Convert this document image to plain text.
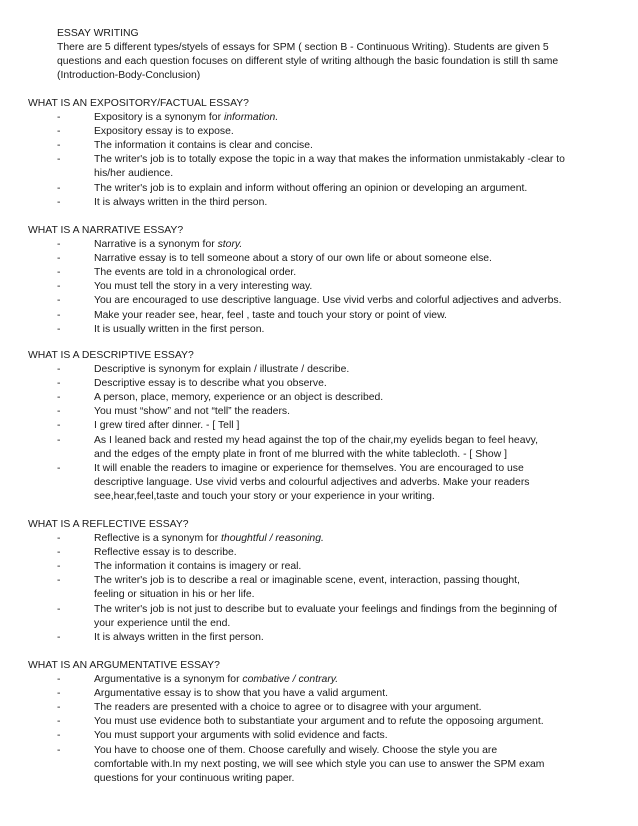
ESSAY WRITING

There are 5 different types/styels of essays for SPM ( section B - Continuous Writing). Students are given 5

questions and each question focuses on different style of writing although the basic foundation is still th same

(Introduction-Body-Conclusion)

WHAT IS AN EXPOSITORY/FACTUAL ESSAY?

-	Expository is a synonym for information.
-	Expository essay is to expose.
-	The information it contains is clear and concise.
-	The writer's job is to totally expose the topic in a way that makes the information unmistakably -clear to
his/her audience.
-	The writer's job is to explain and inform without offering an opinion or developing an argument.
-	It is always written in the third person.

WHAT IS A NARRATIVE ESSAY?

-	Narrative is a synonym for story.
-	Narrative essay is to tell someone about a story of our own life or about someone else.
-	The events are told in a chronological order.
-	You must tell the story in a very interesting way.
-	You are encouraged to use descriptive language. Use vivid verbs and colorful adjectives and adverbs.
-	Make your reader see, hear, feel , taste and touch your story or point of view.
-	It is usually written in the first person.

WHAT IS A DESCRIPTIVE ESSAY?

-	Descriptive is synonym for explain / illustrate / describe.
-	Descriptive essay is to describe what you observe.
-	A person, place, memory, experience or an object is described.
-	You must “show” and not “tell” the readers.
-	I grew tired after dinner. - [ Tell ]
-	As I leaned back and rested my head against the top of the chair,my eyelids began to feel heavy,
and the edges of the empty plate in front of me blurred with the white tablecloth. - [ Show ]
-	It will enable the readers to imagine or experience for themselves. You are encouraged to use
descriptive language. Use vivid verbs and colourful adjectives and adverbs. Make your readers
see,hear,feel,taste and touch your story or your experience in your writing.

WHAT IS A REFLECTIVE ESSAY?

-	Reflective is a synonym for thoughtful / reasoning.
-	Reflective essay is to describe.
-	The information it contains is imagery or real.
-	The writer's job is to describe a real or imaginable scene, event, interaction, passing thought,
feeling or situation in his or her life.
-	The writer's job is not just to describe but to evaluate your feelings and findings from the beginning of
your experience until the end.
-	It is always written in the first person.

WHAT IS AN ARGUMENTATIVE ESSAY?

-	Argumentative is a synonym for combative / contrary.
-	Argumentative essay is to show that you have a valid argument.
-	The readers are presented with a choice to agree or to disagree with your argument.
-	You must use evidence both to substantiate your argument and to refute the opposoing argument.
-	You must support your arguments with solid evidence and facts.
-	You have to choose one of them. Choose carefully and wisely. Choose the style you are
comfortable with.In my next posting, we will see which style you can use to answer the SPM exam
questions for your continuous writing paper.
